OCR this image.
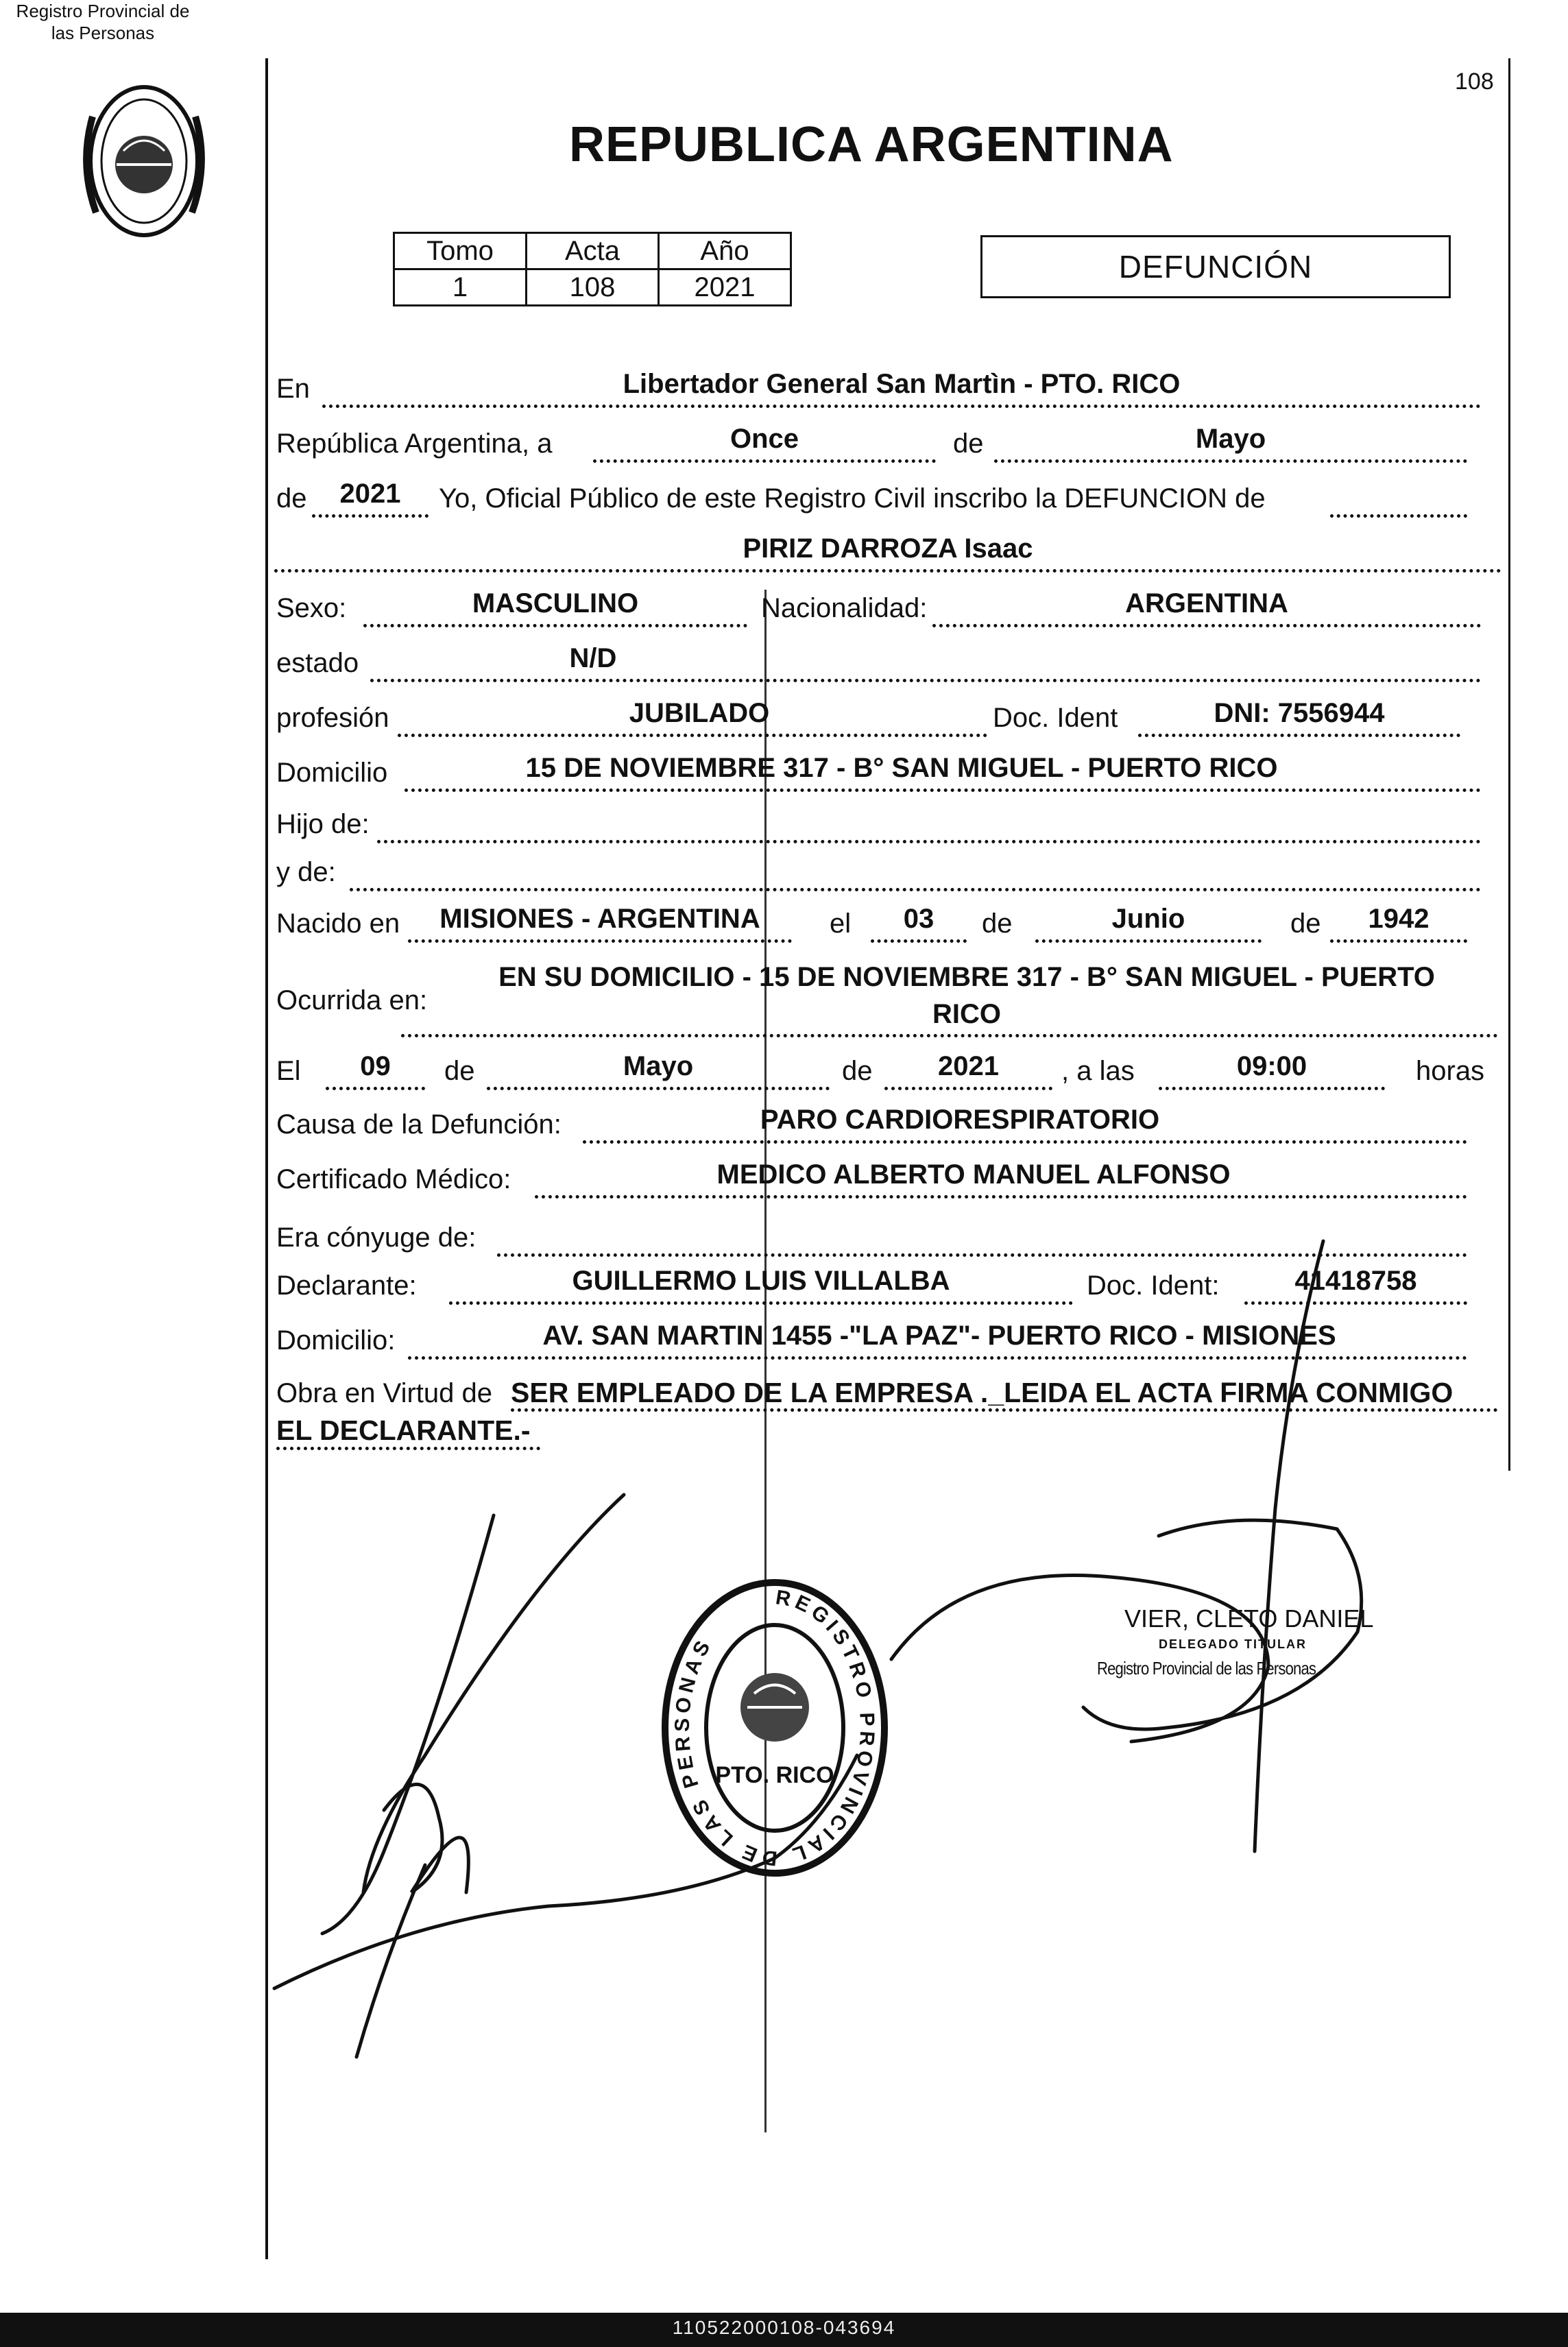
Registro Provincial de
las Personas
REPUBLICA ARGENTINA
108
Tomo	Acta	Año
1	108	2021
DEFUNCIÓN
En	Libertador General San Martìn - PTO. RICO
República Argentina, a	Once	de	Mayo
de	2021	Yo, Oficial Público de este Registro Civil inscribo la DEFUNCION de
PIRIZ DARROZA Isaac
Sexo:	MASCULINO	Nacionalidad:	ARGENTINA
estado	N/D
profesión	JUBILADO	Doc. Ident	DNI: 7556944
Domicilio	15 DE NOVIEMBRE 317 - B° SAN MIGUEL - PUERTO RICO
Hijo de:
y de:
Nacido en	MISIONES - ARGENTINA	el	03	de	Junio	de	1942
Ocurrida en:
EN SU DOMICILIO - 15 DE NOVIEMBRE 317 - B° SAN MIGUEL - PUERTO
RICO
El	09	de	Mayo	de	2021	, a las	09:00	horas
Causa de la Defunción:	PARO CARDIORESPIRATORIO
Certificado Médico:	MEDICO ALBERTO MANUEL ALFONSO
Era cónyuge de:
Declarante:	GUILLERMO LUIS VILLALBA	Doc. Ident:	41418758
Domicilio:	AV. SAN MARTIN 1455 -"LA PAZ"- PUERTO RICO - MISIONES
Obra en Virtud de SER EMPLEADO DE LA EMPRESA ._LEIDA EL ACTA FIRMA CONMIGO
EL DECLARANTE.-
VIER, CLETO DANIEL
DELEGADO TITULAR
Registro Provincial de las Personas
REGISTRO PROVINCIAL DE LAS PERSONAS
PTO. RICO
110522000108-043694
